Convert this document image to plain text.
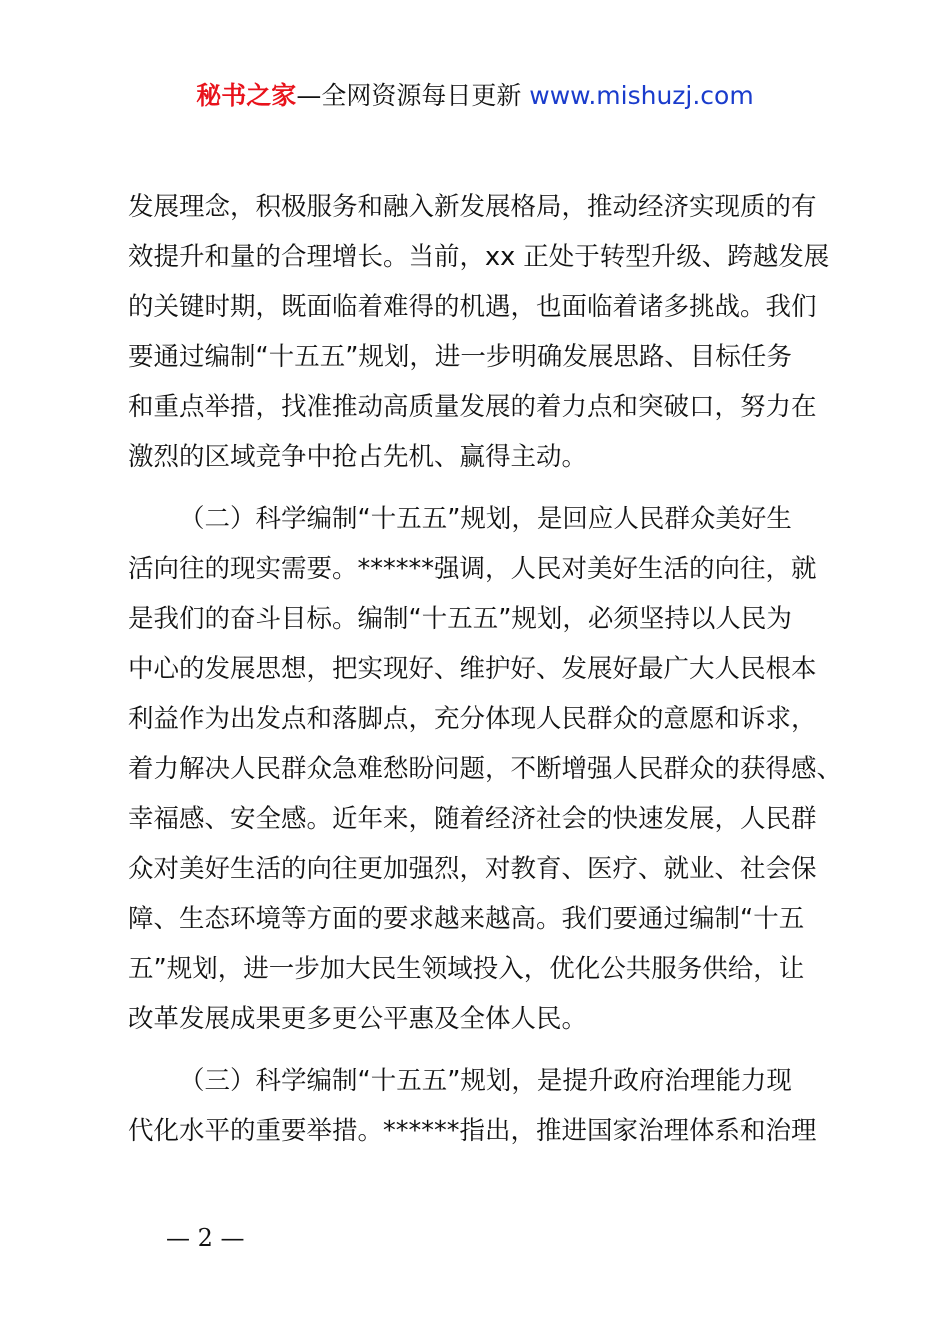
秘书之家—全网资源每日更新 www.mishuzj.com
发展理念，积极服务和融入新发展格局，推动经济实现质的有
效提升和量的合理增长。当前，xx 正处于转型升级、跨越发展
的关键时期，既面临着难得的机遇，也面临着诸多挑战。我们
要通过编制“十五五”规划，进一步明确发展思路、目标任务
和重点举措，找准推动高质量发展的着力点和突破口，努力在
激烈的区域竞争中抢占先机、赢得主动。
（二）科学编制“十五五”规划，是回应人民群众美好生
活向往的现实需要。******强调，人民对美好生活的向往，就
是我们的奋斗目标。编制“十五五”规划，必须坚持以人民为
中心的发展思想，把实现好、维护好、发展好最广大人民根本
利益作为出发点和落脚点，充分体现人民群众的意愿和诉求，
着力解决人民群众急难愁盼问题，不断增强人民群众的获得感、
幸福感、安全感。近年来，随着经济社会的快速发展，人民群
众对美好生活的向往更加强烈，对教育、医疗、就业、社会保
障、生态环境等方面的要求越来越高。我们要通过编制“十五
五”规划，进一步加大民生领域投入，优化公共服务供给，让
改革发展成果更多更公平惠及全体人民。
（三）科学编制“十五五”规划，是提升政府治理能力现
代化水平的重要举措。******指出，推进国家治理体系和治理
— 2 —
